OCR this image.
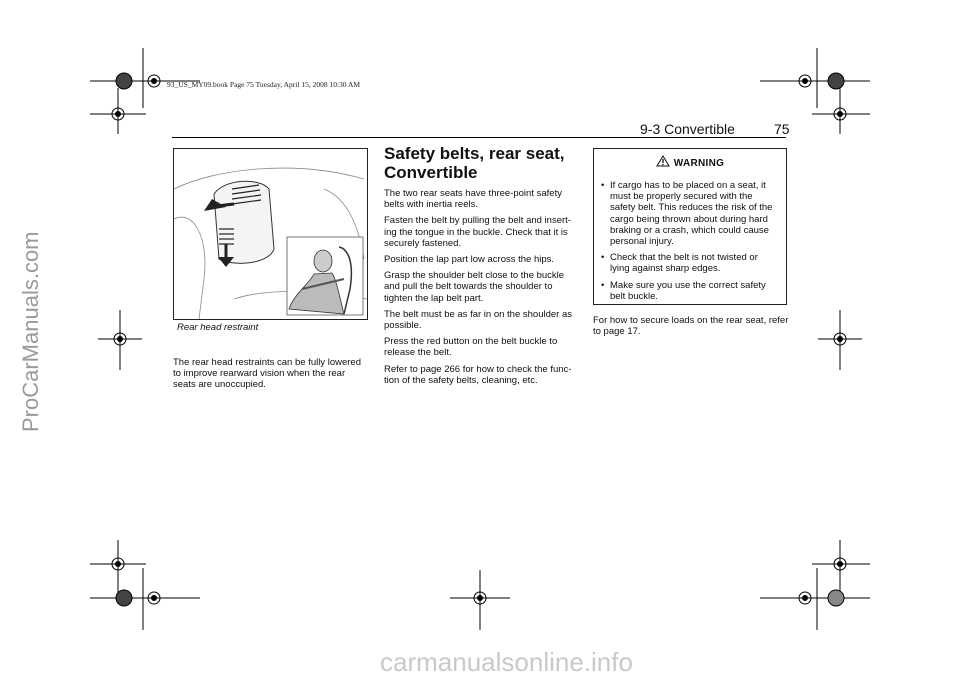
93_US_MY09.book Page 75 Tuesday, April 15, 2008 10:30 AM
ProCarManuals.com
9-3 Convertible	75
Rear head restraint

The rear head restraints can be fully lowered to improve rearward vision when the rear seats are unoccupied.

Safety belts, rear seat,
Convertible

The two rear seats have three-point safety belts with inertia reels.

Fasten the belt by pulling the belt and insert-ing the tongue in the buckle. Check that it is securely fastened.

Position the lap part low across the hips.

Grasp the shoulder belt close to the buckle and pull the belt towards the shoulder to tighten the lap belt part.

The belt must be as far in on the shoulder as possible.

Press the red button on the belt buckle to release the belt.

Refer to page 266 for how to check the func-tion of the safety belts, cleaning, etc.

WARNING
• If cargo has to be placed on a seat, it must be properly secured with the safety belt. This reduces the risk of the cargo being thrown about during hard braking or a crash, which could cause personal injury.
• Check that the belt is not twisted or lying against sharp edges.
• Make sure you use the correct safety belt buckle.

For how to secure loads on the rear seat, refer to page 17.

carmanualsonline.info
